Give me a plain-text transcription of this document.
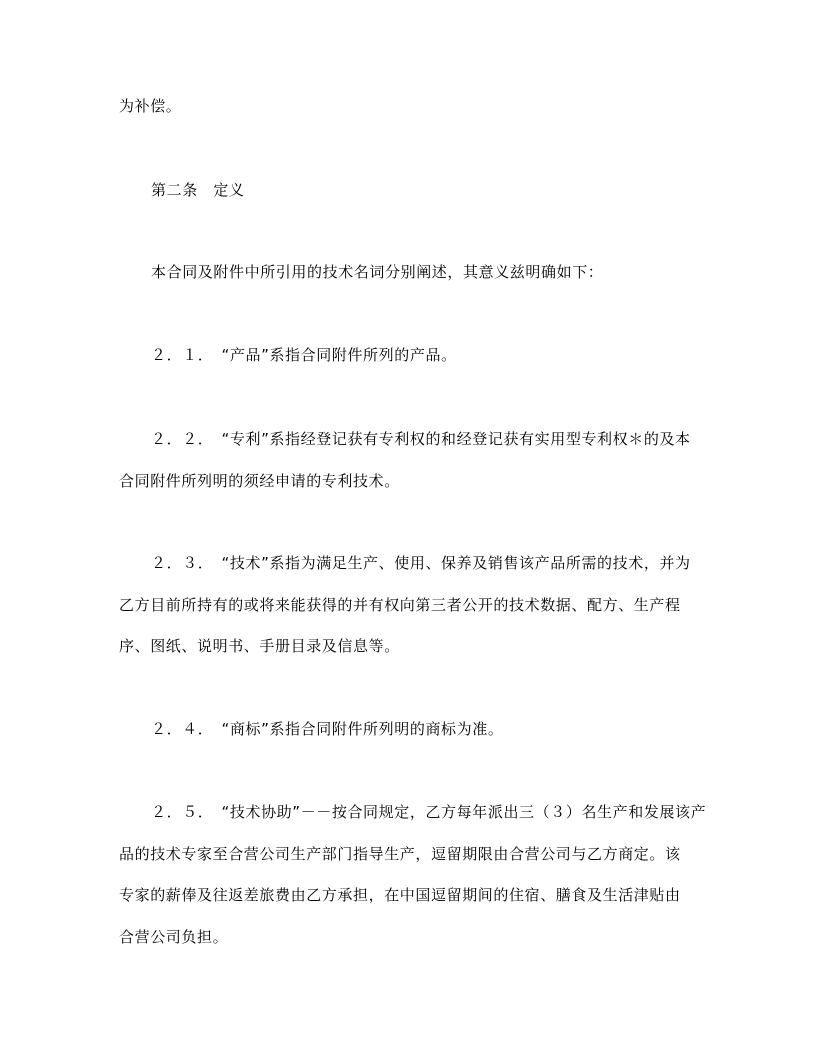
为补偿。
第二条　定义
本合同及附件中所引用的技术名词分别阐述，其意义兹明确如下：
２．１．　“产品”系指合同附件所列的产品。
２．２．　“专利”系指经登记获有专利权的和经登记获有实用型专利权＊的及本
合同附件所列明的须经申请的专利技术。
２．３．　“技术”系指为满足生产、使用、保养及销售该产品所需的技术，并为
乙方目前所持有的或将来能获得的并有权向第三者公开的技术数据、配方、生产程
序、图纸、说明书、手册目录及信息等。
２．４．　“商标”系指合同附件所列明的商标为准。
２．５．　“技术协助”－－按合同规定，乙方每年派出三（３）名生产和发展该产
品的技术专家至合营公司生产部门指导生产，逗留期限由合营公司与乙方商定。该
专家的薪俸及往返差旅费由乙方承担，在中国逗留期间的住宿、膳食及生活津贴由
合营公司负担。
